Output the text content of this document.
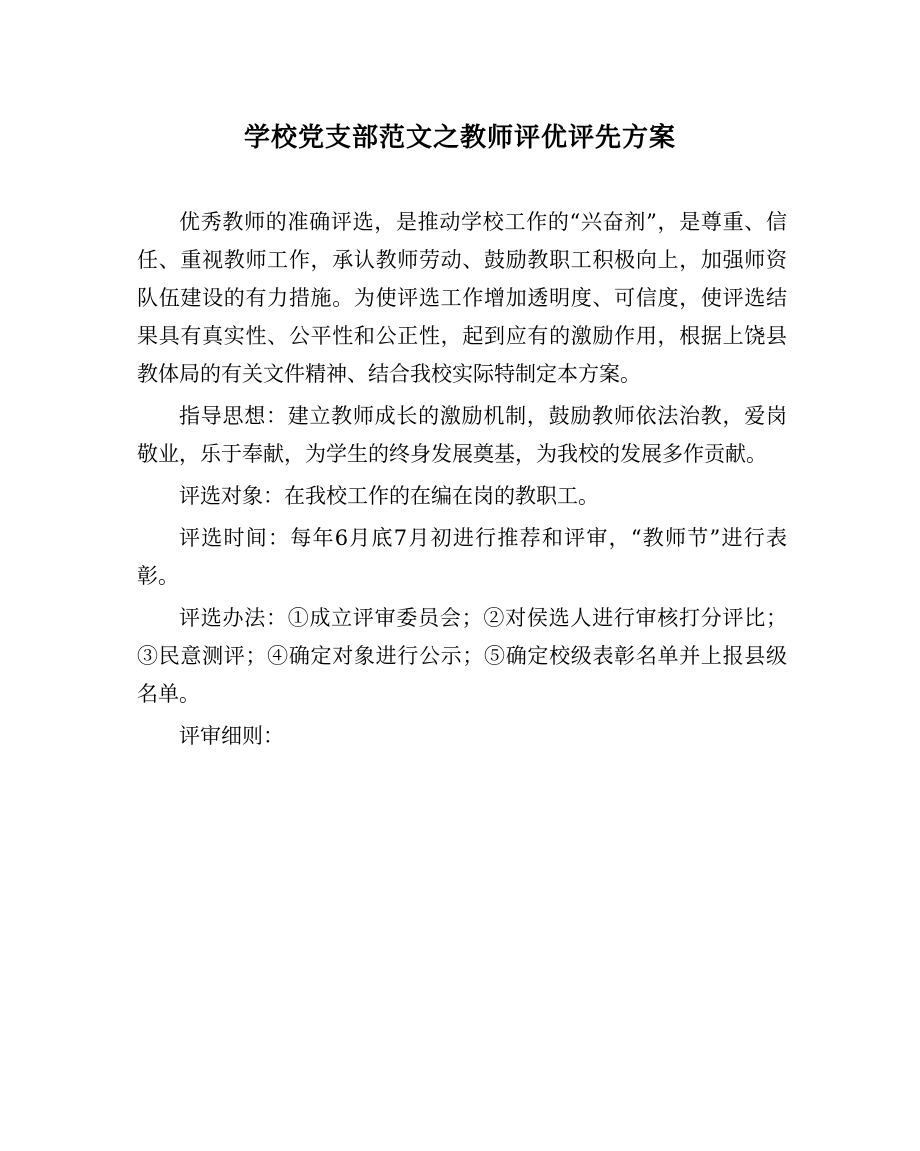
学校党支部范文之教师评优评先方案

优秀教师的准确评选，是推动学校工作的“兴奋剂”，是尊重、信任、重视教师工作，承认教师劳动、鼓励教职工积极向上，加强师资队伍建设的有力措施。为使评选工作增加透明度、可信度，使评选结果具有真实性、公平性和公正性，起到应有的激励作用，根据上饶县教体局的有关文件精神、结合我校实际特制定本方案。

指导思想：建立教师成长的激励机制，鼓励教师依法治教，爱岗敬业，乐于奉献，为学生的终身发展奠基，为我校的发展多作贡献。

评选对象：在我校工作的在编在岗的教职工。

评选时间：每年6月底7月初进行推荐和评审，“教师节”进行表彰。

评选办法：①成立评审委员会；②对侯选人进行审核打分评比；③民意测评；④确定对象进行公示；⑤确定校级表彰名单并上报县级名单。

评审细则：
